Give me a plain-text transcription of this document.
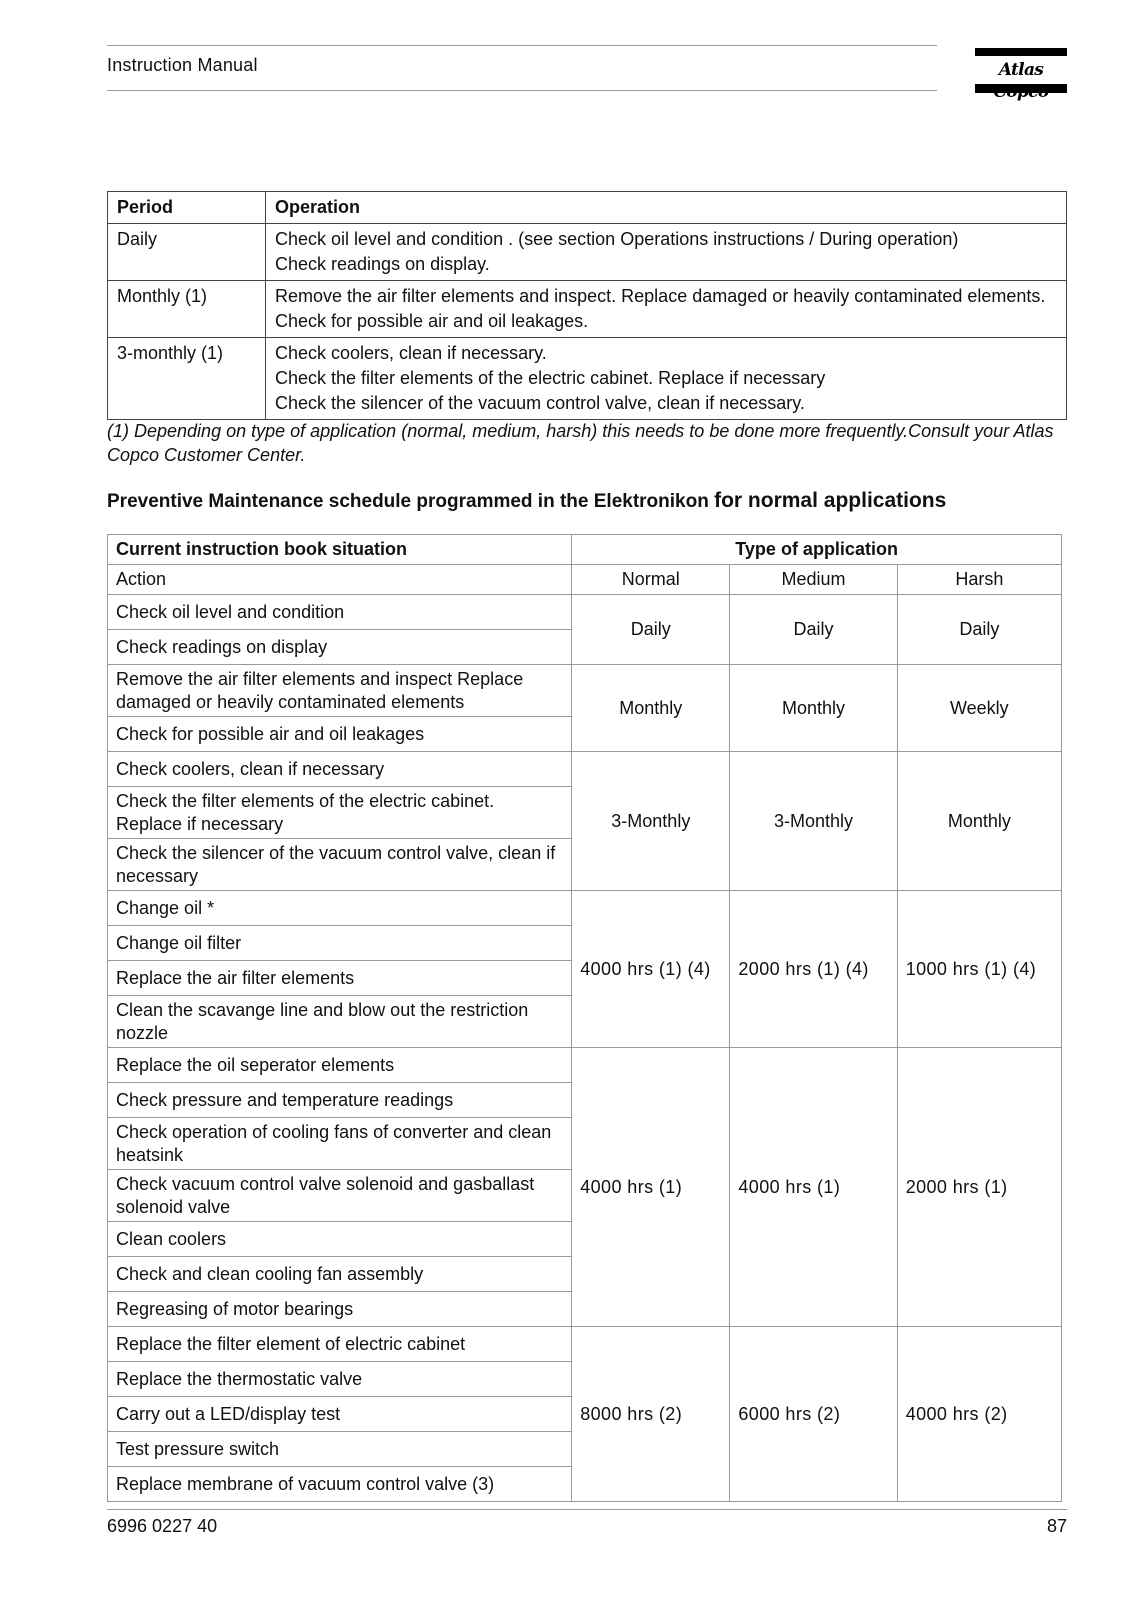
Instruction Manual	Atlas
Period	Operation
Daily	Check oil level and condition . (see section Operations instructions / During operation)
Check readings on display.

Monthly (1)	Remove the air filter elements and inspect. Replace damaged or heavily contaminated elements. Check for possible air and oil leakages.

3-monthly (1)	Check coolers, clean if necessary.
Check the filter elements of the electric cabinet. Replace if necessary
Check the silencer of the vacuum control valve, clean if necessary.
(1) Depending on type of application (normal, medium, harsh) this needs to be done more frequently.Consult your Atlas Copco Customer Center.
Preventive Maintenance schedule programmed in the Elektronikon for normal applications
Current instruction book situation	Type of application		
Action	Normal	Medium	Harsh
Check oil level and condition	Daily	Daily	Daily
Check readings on display			
Remove the air filter elements and inspect Replace damaged or heavily contaminated elements	Monthly	Monthly	Weekly
Check for possible air and oil leakages			
Check coolers, clean if necessary	3-Monthly	3-Monthly	Monthly
Check the filter elements of the electric cabinet. Replace if necessary			
Check the silencer of the vacuum control valve, clean if necessary			
Change oil *	4000 hrs (1) (4)	2000 hrs (1) (4)	1000 hrs (1) (4)
Change oil filter			
Replace the air filter elements			
Clean the scavange line and blow out the restriction nozzle			
Replace the oil seperator elements	4000 hrs (1)	4000 hrs (1)	2000 hrs (1)
Check pressure and temperature readings			
Check operation of cooling fans of converter and clean heatsink			
Check vacuum control valve solenoid and gasballast solenoid valve			
Clean coolers			
Check and clean cooling fan assembly			
Regreasing of motor bearings			
Replace the filter element of electric cabinet	8000 hrs (2)	6000 hrs (2)	4000 hrs (2)
Replace the thermostatic valve			
Carry out a LED/display test			
Test pressure switch			
Replace membrane of vacuum control valve (3)			
6996 0227 40	87
